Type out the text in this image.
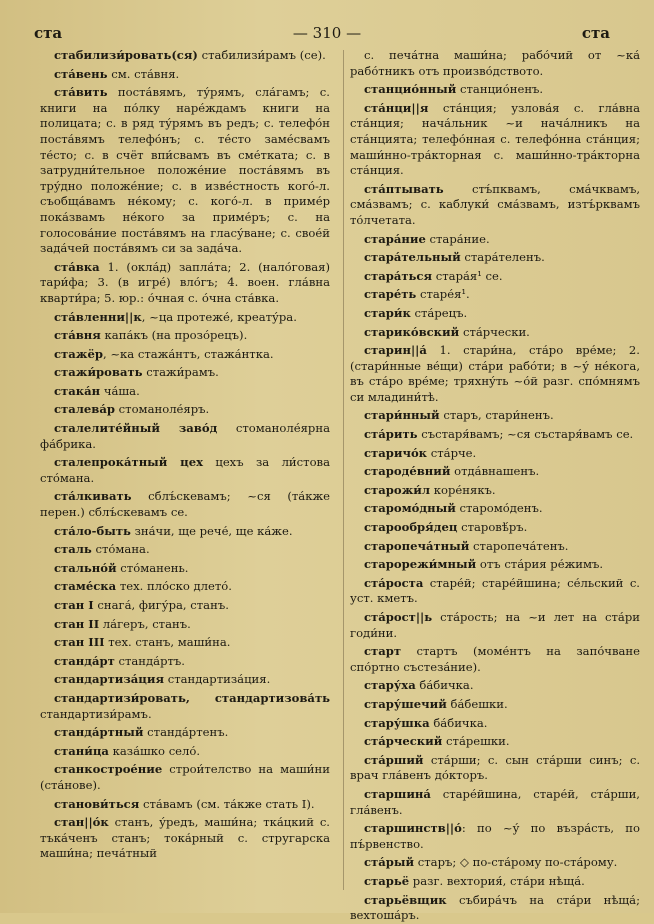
ста	— 310 —	ста

стабилизи́ровать(ся) стабилизи́рамъ (се).

ста́вень см. ста́вня.

ста́вить поста́вямъ, ту́рямъ, сла́гамъ; с. книги на по́лку наре́ждамъ книги на полицата; с. в ряд ту́рямъ въ редъ; с. телефо́н поста́вямъ телефо́нъ; с. те́сто заме́свамъ те́сто; с. в счёт впи́свамъ въ сме́тката; с. в затрудни́тельное положе́ние поста́вямъ въ тру́дно положе́ние; с. в изве́стность кого́-л. съобща́вамъ не́кому; с. кого́-л. в приме́р пока́звамъ не́кого за приме́ръ; с. на голосова́ние поста́вямъ на гласу́ване; с. свое́й зада́чей поста́вямъ си за зада́ча.

ста́вка 1. (окла́д) запла́та; 2. (нало́говая) тари́фа; 3. (в игре́) вло́гъ; 4. воен. гла́вна кварти́ра; 5. юр.: о́чная с. о́чна ста́вка.

ста́вленни||к, ~ца протеже́, креату́ра.

ста́вня капа́къ (на прозо́рецъ).

стажёр, ~ка стажа́нтъ, стажа́нтка.

стажи́ровать стажи́рамъ.

стака́н ча́ша.

сталева́р стоманоле́яръ.

сталелите́йный заво́д стоманоле́ярна фа́брика.

сталепрока́тный цех цехъ за ли́стова сто́мана.

ста́лкивать сблъ́скевамъ; ~ся (та́кже перен.) сблъ́скевамъ се.

ста́ло-быть зна́чи, ще рече́, ще ка́же.

сталь сто́мана.

стально́й сто́манень.

стаме́ска тех. пло́ско длето́.

стан I снага́, фигу́ра, станъ.

стан II ла́геръ, станъ.

стан III тех. станъ, маши́на.

станда́рт станда́ртъ.

стандартиза́ция стандартиза́ция.

стандартизи́ровать, стандартизова́ть стандартизи́рамъ.

станда́ртный станда́ртенъ.

стани́ца каза́шко село́.

станкострое́ние строи́телство на маши́ни (ста́нове).

станови́ться ста́вамъ (см. та́кже стать I).

стан||о́к станъ, у́редъ, маши́на; тка́цкий с. тъка́ченъ станъ; тока́рный с. стругарска маши́на; печа́тный

с. печа́тна маши́на; рабо́чий от ~ка́ рабо́тникъ отъ произво́дството.

станцио́нный станцио́ненъ.

ста́нци||я ста́нция; узлова́я с. гла́вна ста́нция; нача́льник ~и нача́лникъ на ста́нцията; телефо́нная с. телефо́нна ста́нция; маши́нно-тра́кторная с. маши́нно-тра́кторна ста́нция.

ста́птывать стъ́пквамъ, сма́чквамъ, сма́звамъ; с. каблуки́ сма́звамъ, изтъ́рквамъ то́лчетата.

стара́ние стара́ние.

стара́тельный стара́теленъ.

стара́ться стара́я¹ се.

старе́ть старе́я¹.

стари́к ста́рецъ.

старико́вский ста́рчески.

старин||а́ 1. стари́на, ста́ро вре́ме; 2. (стари́нные ве́щи) ста́ри рабо́ти; в ~у́ не́кога, въ ста́ро вре́ме; тряхну́ть ~о́й разг. спо́мнямъ си младини́тѣ.

стари́нный старъ, стари́ненъ.

ста́рить състаря́вамъ; ~ся състаря́вамъ се.

старичо́к ста́рче.

староде́вний отда́внашенъ.

старожи́л коре́някъ.

старомо́дный старомо́денъ.

старообря́дец старовѣ́ръ.

старопеча́тный старопеча́тенъ.

старорежи́мный отъ ста́рия ре́жимъ.

ста́роста старе́й; старе́йшина; се́льский с. уст. кметъ.

ста́рост||ь ста́рость; на ~и лет на ста́ри годи́ни.

старт стартъ (моме́нтъ на запо́чване спо́ртно състеза́ние).

стару́ха ба́бичка.

стару́шечий ба́бешки.

стару́шка ба́бичка.

ста́рческий ста́решки.

ста́рший ста́рши; с. сын ста́рши синъ; с. врач гла́венъ до́кторъ.

старшина́ старе́йшина, старе́й, ста́рши, гла́венъ.

старшинств||о́: по ~у́ по възра́сть, по пъ́рвенство.

ста́рый старъ; ◇ по-ста́рому по-ста́рому.

старьё разг. вехтория́, ста́ри нѣща́.

старьёвщик събира́чъ на ста́ри нѣща́; вехтоша́ръ.
